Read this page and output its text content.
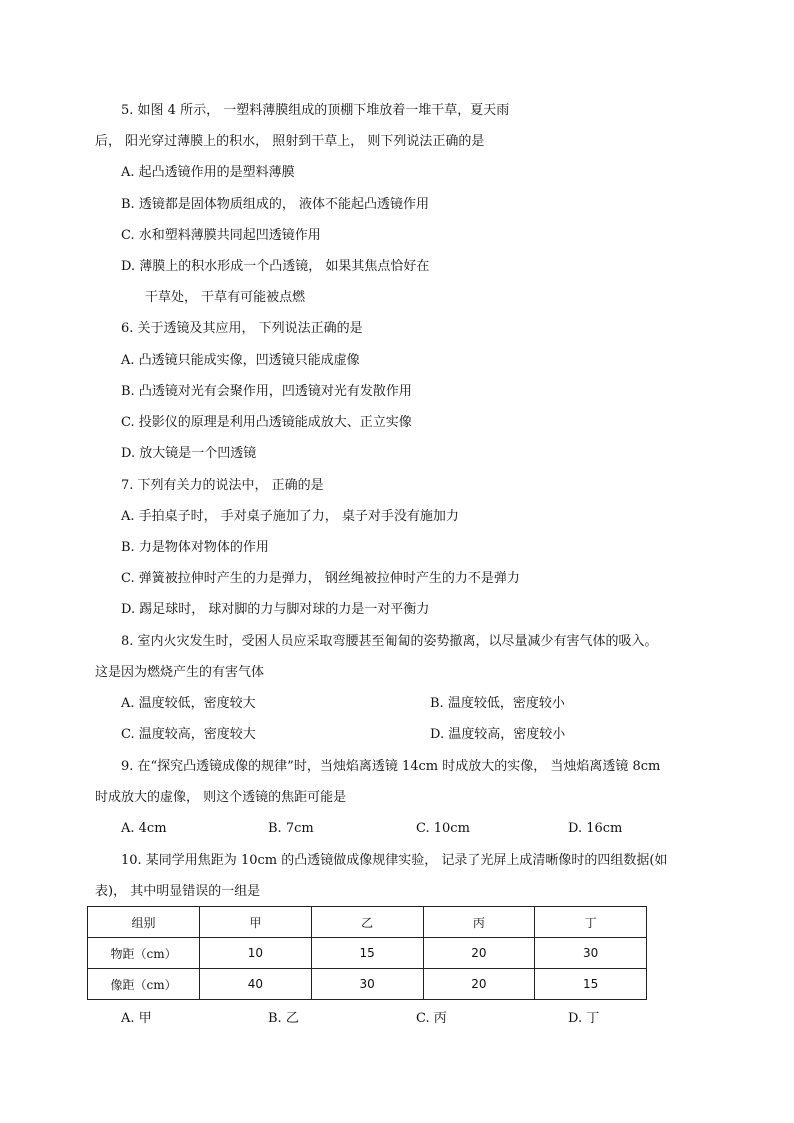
5. 如图 4 所示， 一塑料薄膜组成的顶棚下堆放着一堆干草，夏天雨
后， 阳光穿过薄膜上的积水， 照射到干草上， 则下列说法正确的是
A. 起凸透镜作用的是塑料薄膜
B. 透镜都是固体物质组成的， 液体不能起凸透镜作用
C. 水和塑料薄膜共同起凹透镜作用
D. 薄膜上的积水形成一个凸透镜， 如果其焦点恰好在
干草处， 干草有可能被点燃
6. 关于透镜及其应用， 下列说法正确的是
A. 凸透镜只能成实像，凹透镜只能成虚像
B. 凸透镜对光有会聚作用，凹透镜对光有发散作用
C. 投影仪的原理是利用凸透镜能成放大、正立实像
D. 放大镜是一个凹透镜
7. 下列有关力的说法中， 正确的是
A. 手拍桌子时， 手对桌子施加了力， 桌子对手没有施加力
B. 力是物体对物体的作用
C. 弹簧被拉伸时产生的力是弹力， 钢丝绳被拉伸时产生的力不是弹力
D. 踢足球时， 球对脚的力与脚对球的力是一对平衡力
8. 室内火灾发生时，受困人员应采取弯腰甚至匍匐的姿势撤离，以尽量减少有害气体的吸入。
这是因为燃烧产生的有害气体
A. 温度较低，密度较大	B. 温度较低，密度较小
C. 温度较高，密度较大	D. 温度较高，密度较小
9. 在“探究凸透镜成像的规律”时，当烛焰离透镜 14cm 时成放大的实像， 当烛焰离透镜 8cm
时成放大的虚像， 则这个透镜的焦距可能是
A. 4cm	B. 7cm	C. 10cm	D. 16cm
10. 某同学用焦距为 10cm 的凸透镜做成像规律实验， 记录了光屏上成清晰像时的四组数据(如
表)， 其中明显错误的一组是
组别	甲	乙	丙	丁
物距（cm）	10	15	20	30
像距（cm）	40	30	20	15
A. 甲	B. 乙	C. 丙	D. 丁
